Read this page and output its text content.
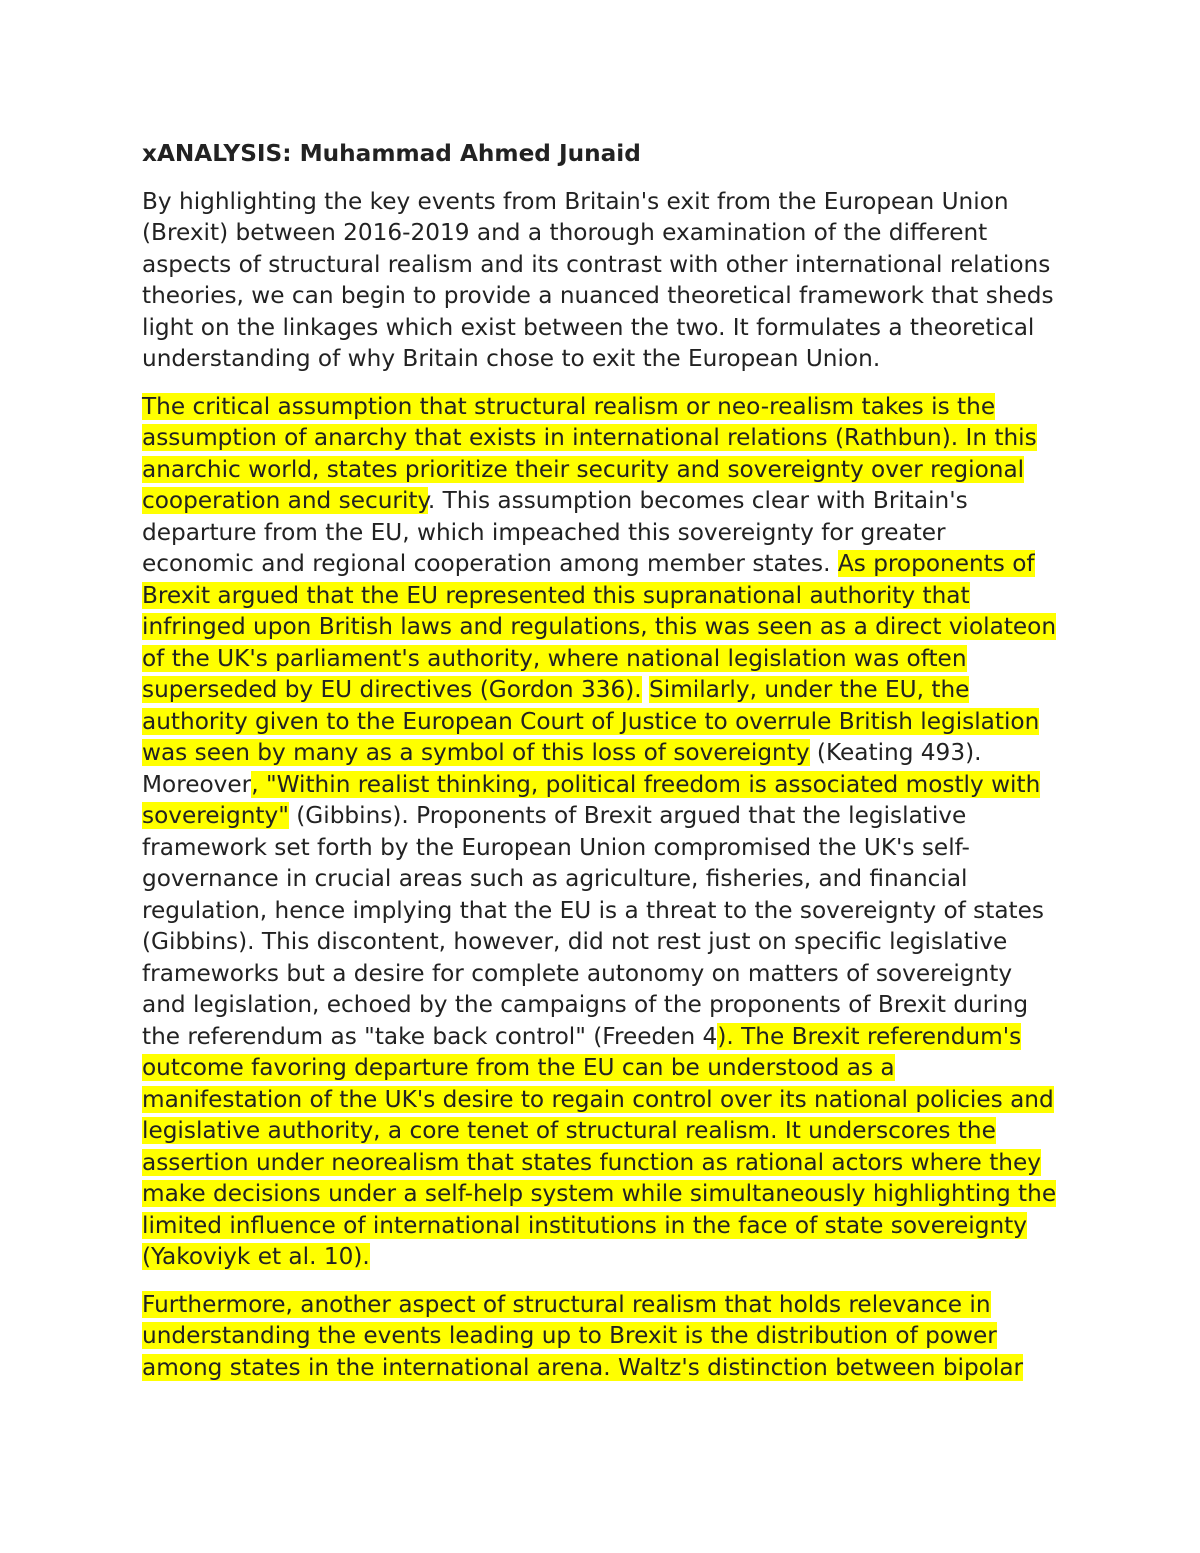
xANALYSIS: Muhammad Ahmed Junaid

By highlighting the key events from Britain's exit from the European Union (Brexit) between 2016-2019 and a thorough examination of the different aspects of structural realism and its contrast with other international relations theories, we can begin to provide a nuanced theoretical framework that sheds light on the linkages which exist between the two. It formulates a theoretical understanding of why Britain chose to exit the European Union.

The critical assumption that structural realism or neo-realism takes is the assumption of anarchy that exists in international relations (Rathbun). In this anarchic world, states prioritize their security and sovereignty over regional cooperation and security. This assumption becomes clear with Britain's departure from the EU, which impeached this sovereignty for greater economic and regional cooperation among member states. As proponents of Brexit argued that the EU represented this supranational authority that infringed upon British laws and regulations, this was seen as a direct violateon of the UK's parliament's authority, where national legislation was often superseded by EU directives (Gordon 336). Similarly, under the EU, the authority given to the European Court of Justice to overrule British legislation was seen by many as a symbol of this loss of sovereignty (Keating 493). Moreover, "Within realist thinking, political freedom is associated mostly with sovereignty" (Gibbins). Proponents of Brexit argued that the legislative framework set forth by the European Union compromised the UK's self-governance in crucial areas such as agriculture, fisheries, and financial regulation, hence implying that the EU is a threat to the sovereignty of states (Gibbins). This discontent, however, did not rest just on specific legislative frameworks but a desire for complete autonomy on matters of sovereignty and legislation, echoed by the campaigns of the proponents of Brexit during the referendum as "take back control" (Freeden 4). The Brexit referendum's outcome favoring departure from the EU can be understood as a manifestation of the UK's desire to regain control over its national policies and legislative authority, a core tenet of structural realism. It underscores the assertion under neorealism that states function as rational actors where they make decisions under a self-help system while simultaneously highlighting the limited influence of international institutions in the face of state sovereignty (Yakoviyk et al. 10).

Furthermore, another aspect of structural realism that holds relevance in understanding the events leading up to Brexit is the distribution of power among states in the international arena. Waltz's distinction between bipolar
